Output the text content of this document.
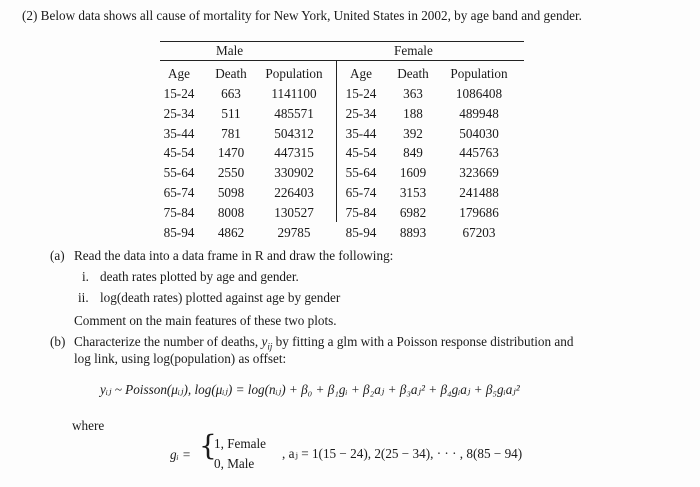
(2) Below data shows all cause of mortality for New York, United States in 2002, by age band and gender.
Male	Female
Age	Death	Population	Age	Death	Population
15-24	663	1141100	15-24	363	1086408
25-34	511	485571	25-34	188	489948
35-44	781	504312	35-44	392	504030
45-54	1470	447315	45-54	849	445763
55-64	2550	330902	55-64	1609	323669
65-74	5098	226403	65-74	3153	241488
75-84	8008	130527	75-84	6982	179686
85-94	4862	29785	85-94	8893	67203
(a) Read the data into a data frame in R and draw the following:
i. death rates plotted by age and gender.
ii. log(death rates) plotted against age by gender
Comment on the main features of these two plots.
(b) Characterize the number of deaths, $y_{ij}$ by fitting a glm with a Poisson response distribution and
log link, using log(population) as offset:
yᵢⱼ ~ Poisson(μᵢⱼ), log(μᵢⱼ) = log(nᵢⱼ) + β₀ + β₁gᵢ + β₂aⱼ + β₃aⱼ² + β₄gᵢaⱼ + β₅gᵢaⱼ²
where
gᵢ = {
1, Female
0, Male
, aⱼ = 1(15 − 24), 2(25 − 34), · · · , 8(85 − 94)
